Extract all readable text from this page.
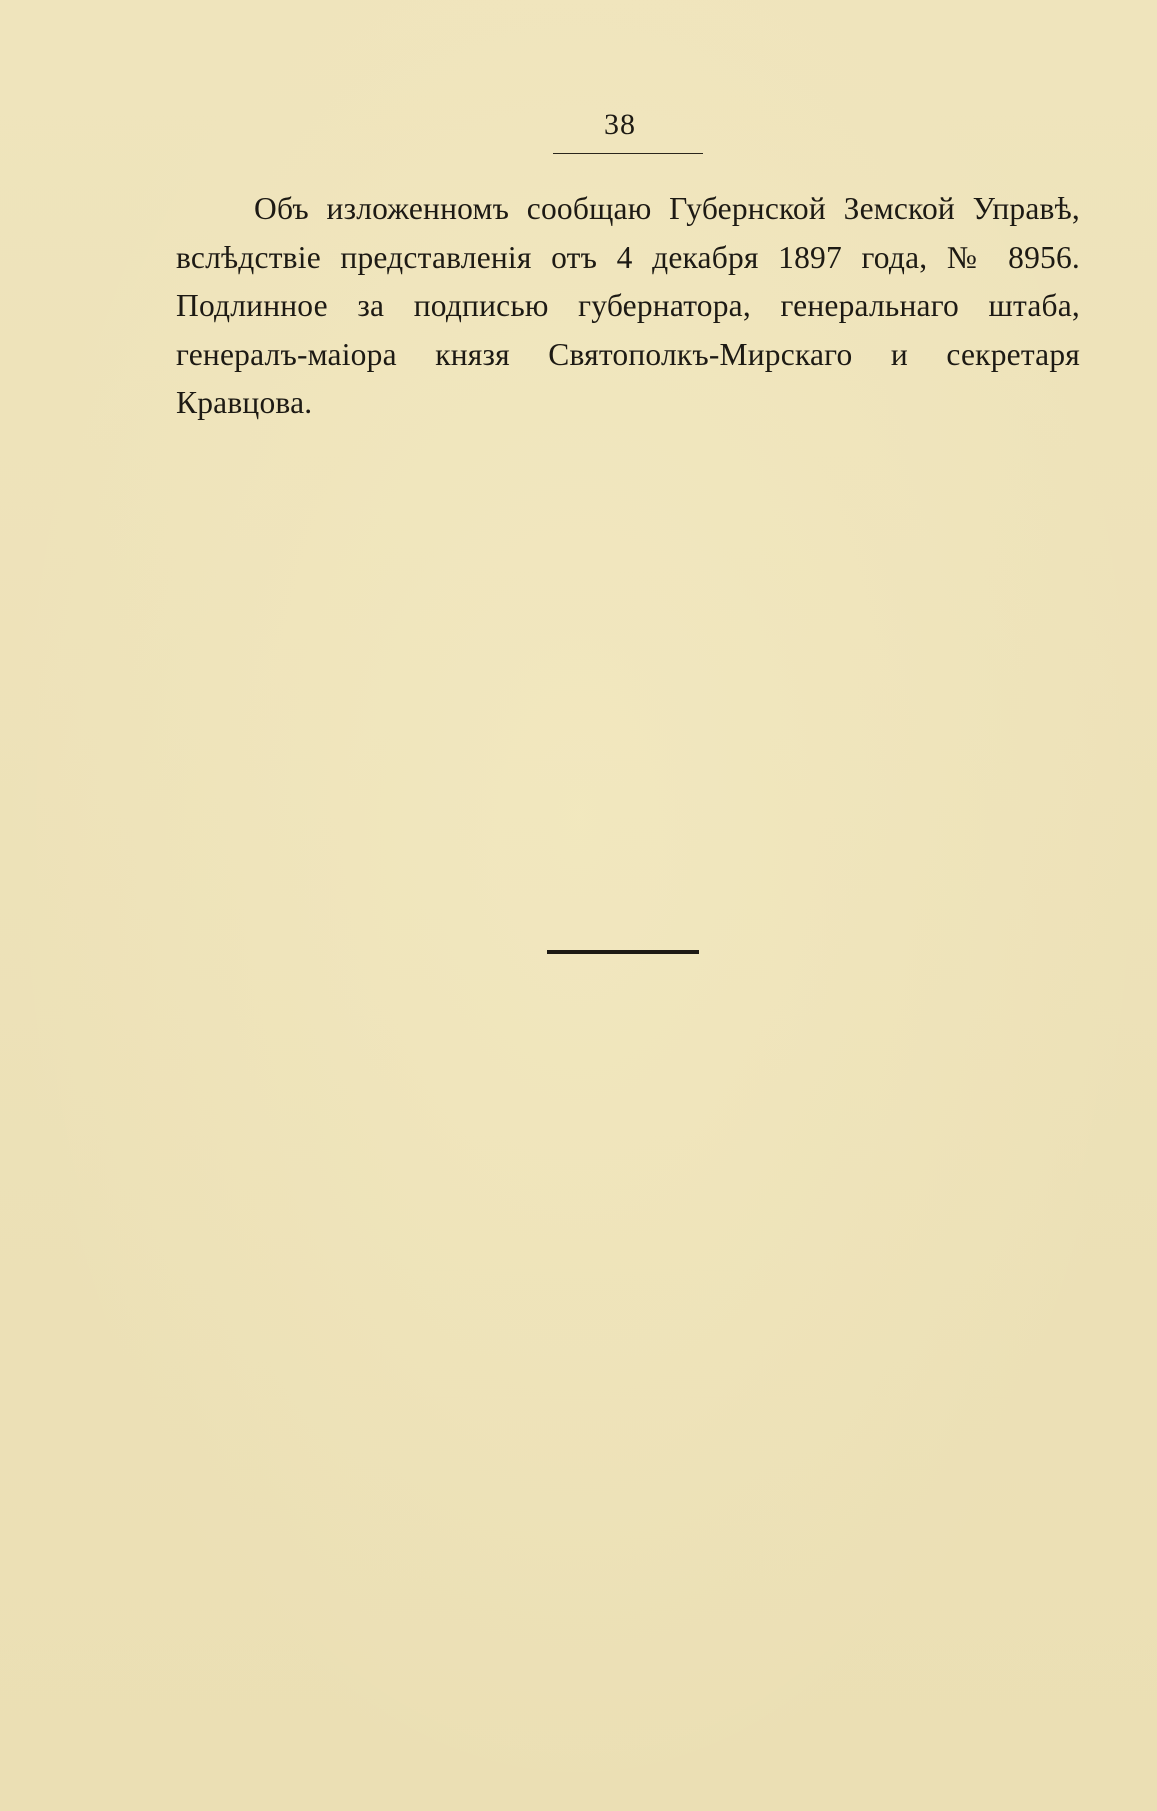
38

Объ изложенномъ сообщаю Губернской Земской Управѣ, вслѣдствіе представленія отъ 4 декабря 1897 года, № 8956. Подлинное за подписью губернатора, генеральнаго штаба, генералъ-маіора князя Святополкъ-Мирскаго и секретаря Кравцова.
